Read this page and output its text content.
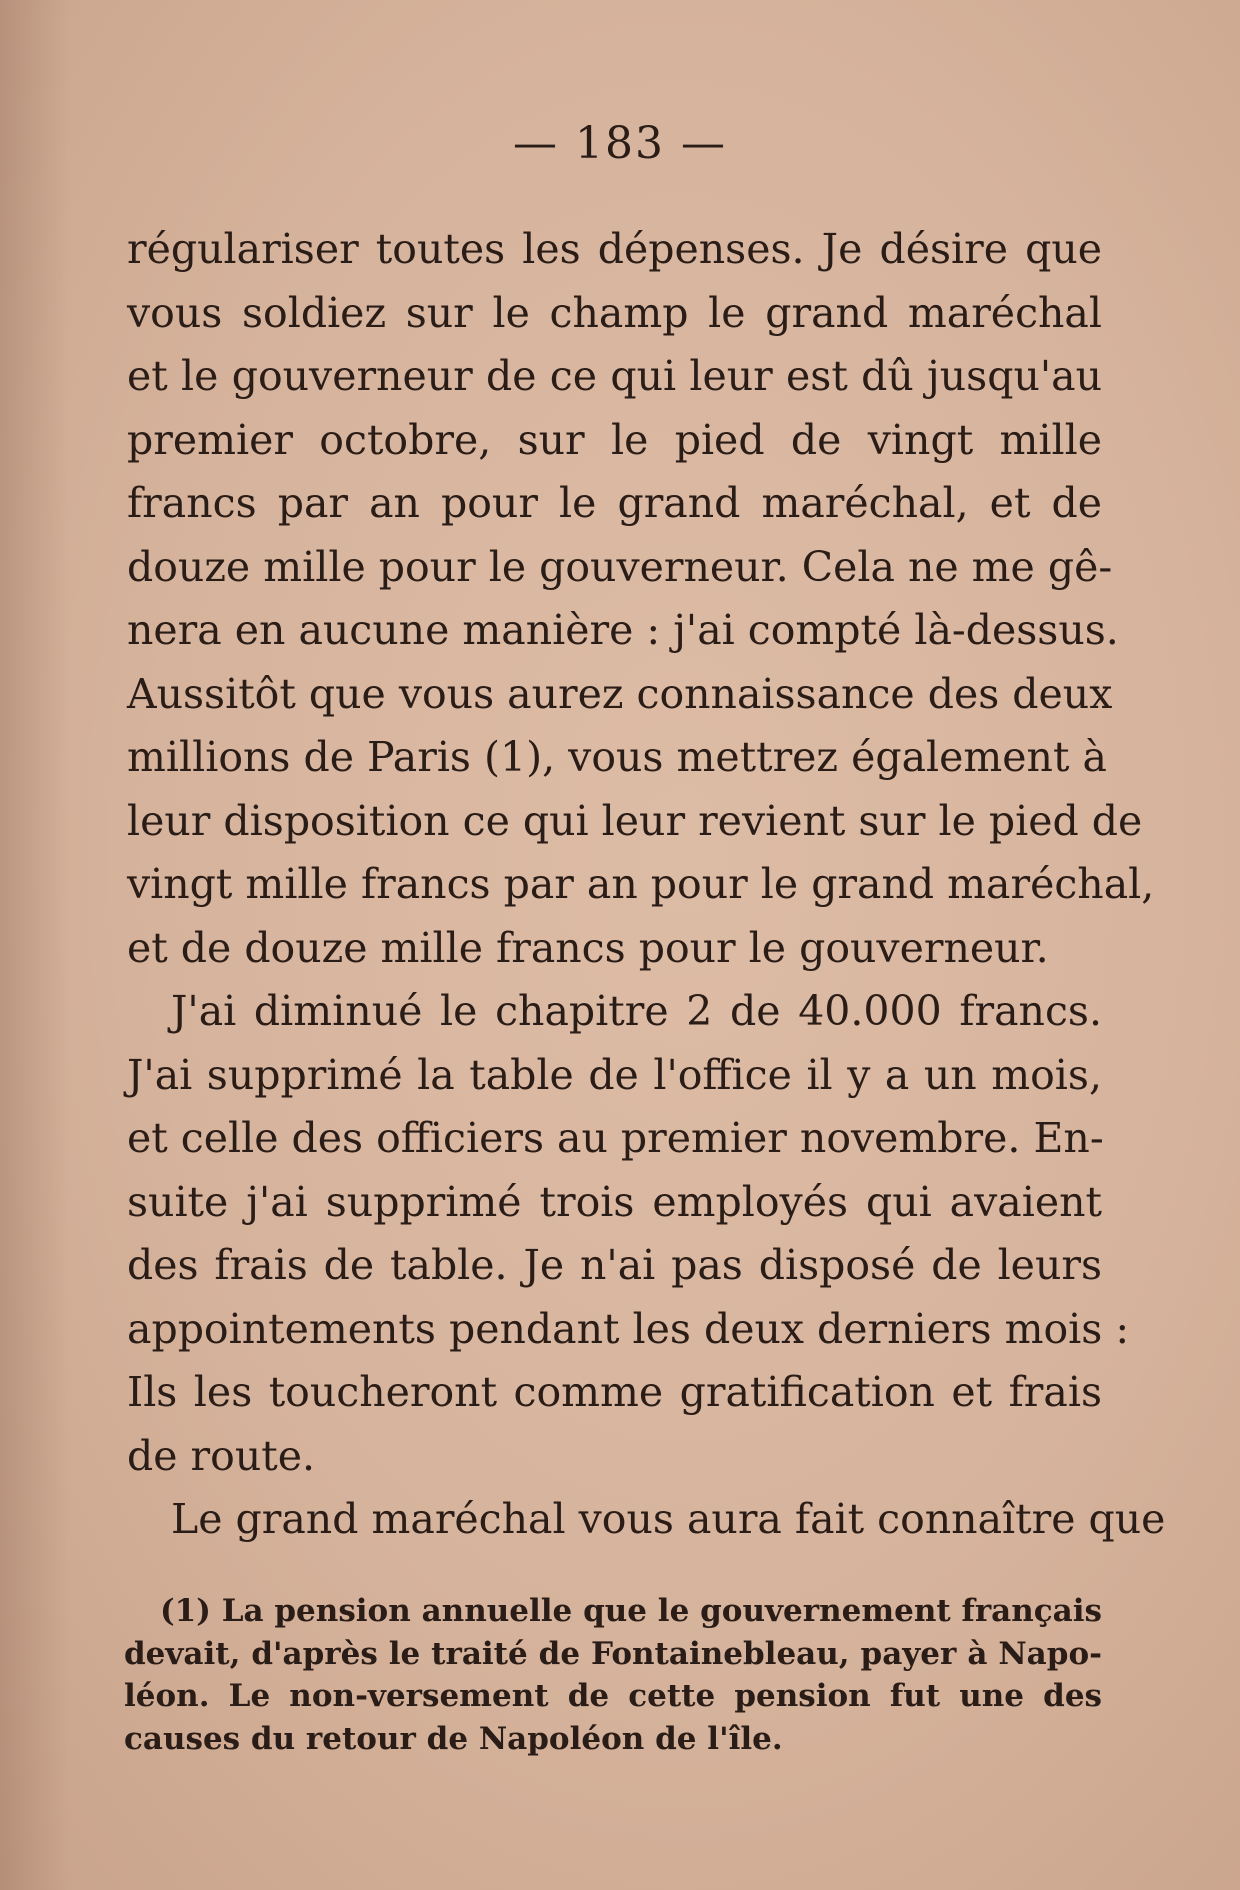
— 183 —
régulariser toutes les dépenses. Je désire que
vous soldiez sur le champ le grand maréchal
et le gouverneur de ce qui leur est dû jusqu'au
premier octobre, sur le pied de vingt mille
francs par an pour le grand maréchal, et de
douze mille pour le gouverneur. Cela ne me gê-
nera en aucune manière : j'ai compté là-dessus.
Aussitôt que vous aurez connaissance des deux
millions de Paris (1), vous mettrez également à
leur disposition ce qui leur revient sur le pied de
vingt mille francs par an pour le grand maréchal,
et de douze mille francs pour le gouverneur.
J'ai diminué le chapitre 2 de 40.000 francs.
J'ai supprimé la table de l'office il y a un mois,
et celle des officiers au premier novembre. En-
suite j'ai supprimé trois employés qui avaient
des frais de table. Je n'ai pas disposé de leurs
appointements pendant les deux derniers mois :
Ils les toucheront comme gratification et frais
de route.
Le grand maréchal vous aura fait connaître que
(1) La pension annuelle que le gouvernement français
devait, d'après le traité de Fontainebleau, payer à Napo-
léon. Le non-versement de cette pension fut une des
causes du retour de Napoléon de l'île.
